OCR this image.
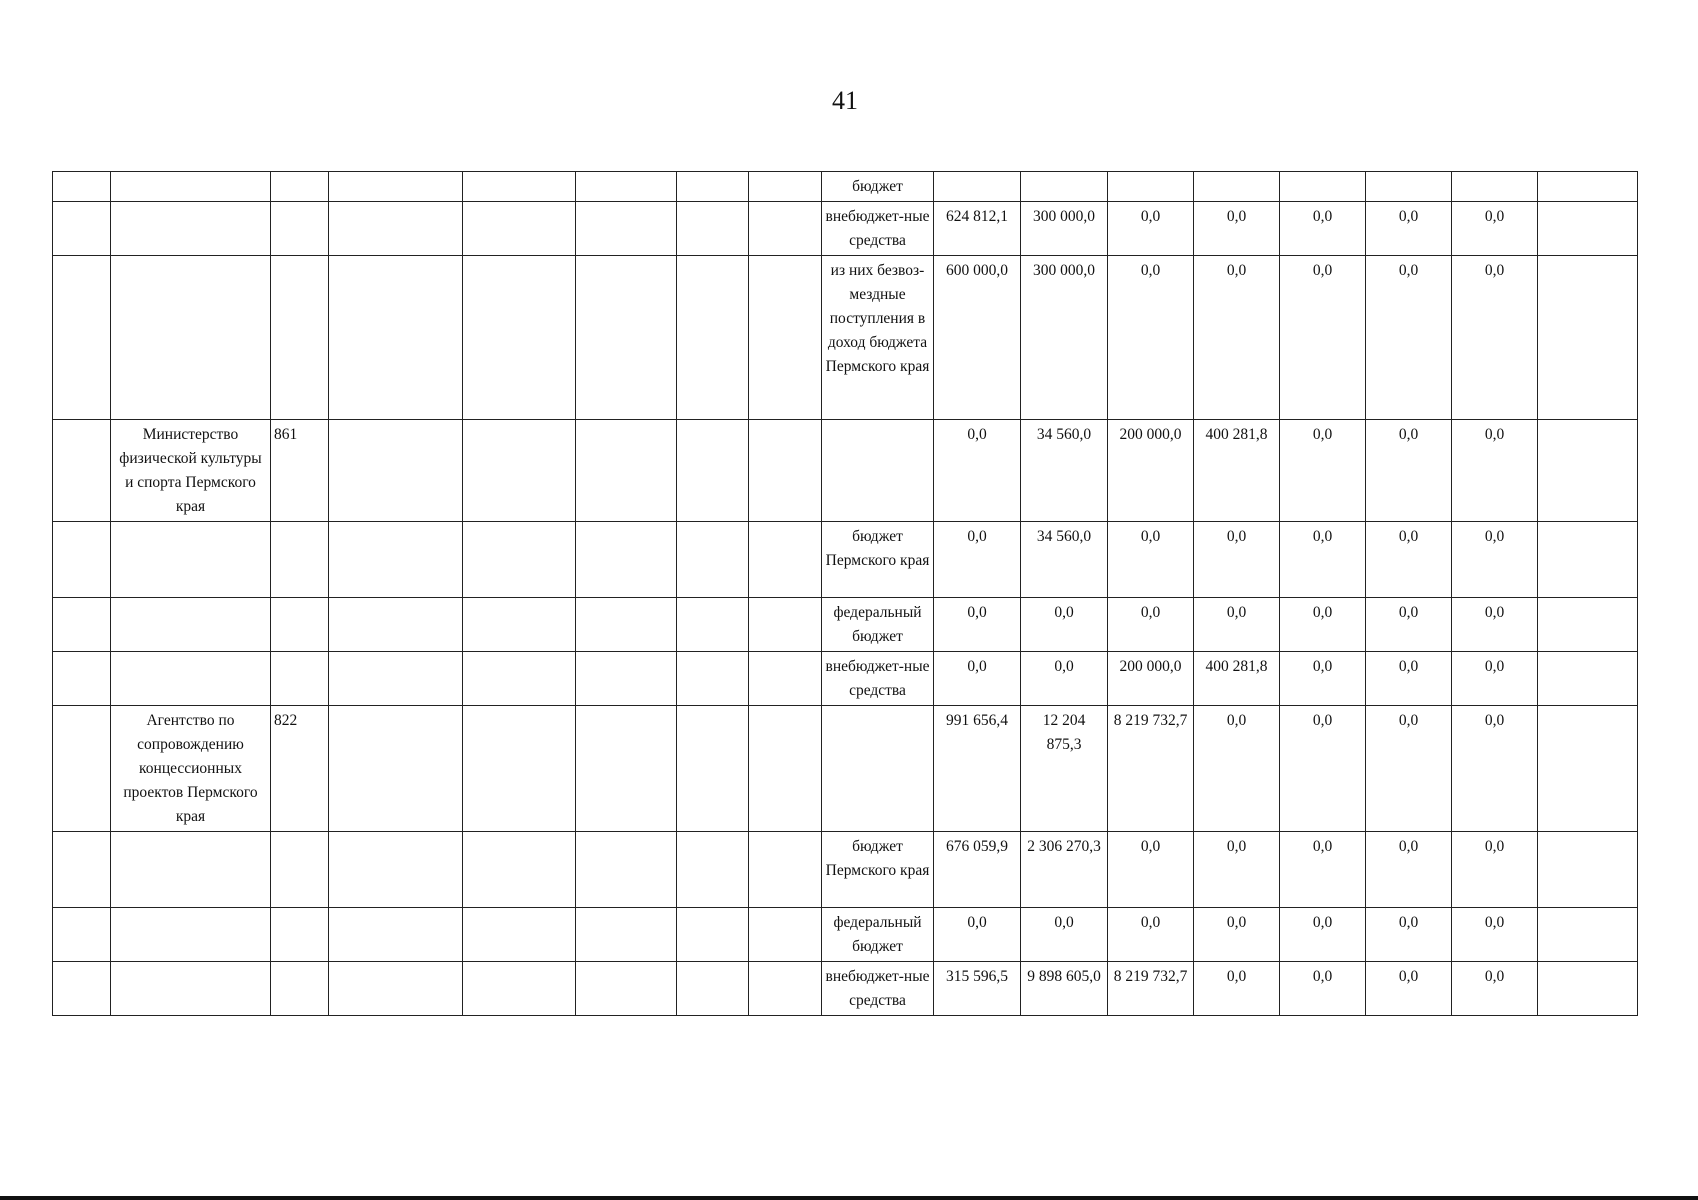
41
								бюджет								
								внебюджет-ные средства	624 812,1	300 000,0	0,0	0,0	0,0	0,0	0,0	
								из них безвоз-мездные поступления в доход бюджета Пермского края	600 000,0	300 000,0	0,0	0,0	0,0	0,0	0,0	
	Министерство физической культуры и спорта Пермского края	861							0,0	34 560,0	200 000,0	400 281,8	0,0	0,0	0,0	
								бюджет Пермского края	0,0	34 560,0	0,0	0,0	0,0	0,0	0,0	
								федеральный бюджет	0,0	0,0	0,0	0,0	0,0	0,0	0,0	
								внебюджет-ные средства	0,0	0,0	200 000,0	400 281,8	0,0	0,0	0,0	
	Агентство по сопровождению концессионных проектов Пермского края	822							991 656,4	12 204 875,3	8 219 732,7	0,0	0,0	0,0	0,0	
								бюджет Пермского края	676 059,9	2 306 270,3	0,0	0,0	0,0	0,0	0,0	
								федеральный бюджет	0,0	0,0	0,0	0,0	0,0	0,0	0,0	
								внебюджет-ные средства	315 596,5	9 898 605,0	8 219 732,7	0,0	0,0	0,0	0,0	
